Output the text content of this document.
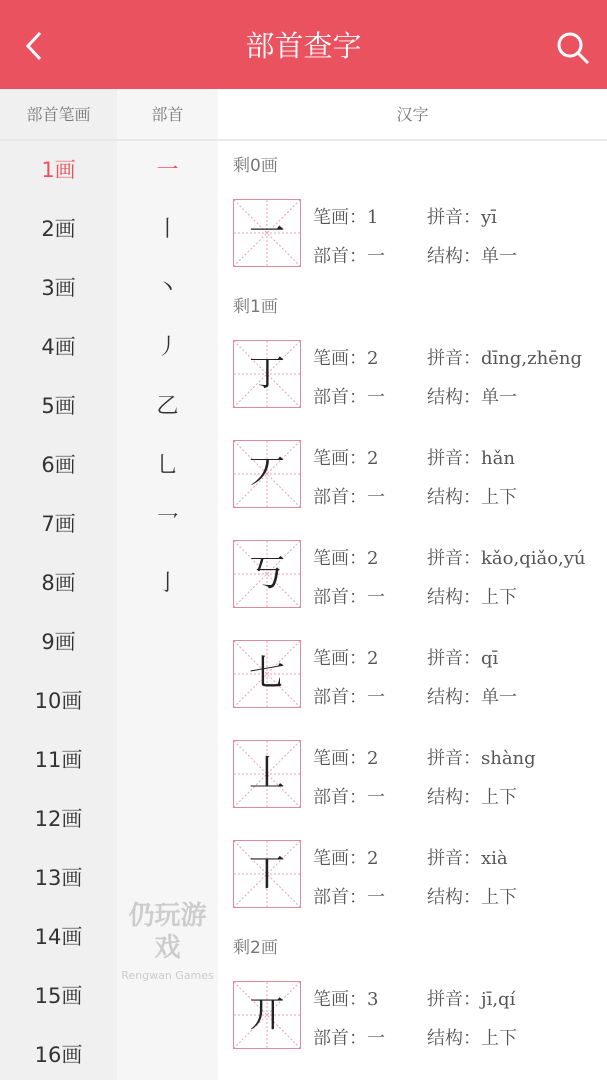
部首查字
部首笔画	部首	汉字
1画
2画
3画
4画
5画
6画
7画
8画
9画
10画
11画
12画
13画
14画
15画
16画
一
丨
丶
丿
乙
乚
乛
亅
剩0画
一	笔画：1	拼音：yī
部首：一 结构：单一
剩1画
丁	笔画：2	拼音：dīng,zhēng
部首：一 结构：单一
丆	笔画：2	拼音：hǎn
部首：一 结构：上下
丂	笔画：2	拼音：kǎo,qiǎo,yú
部首：一 结构：上下
七	笔画：2	拼音：qī
部首：一 结构：单一
丄	笔画：2	拼音：shàng
部首：一 结构：上下
丅	笔画：2	拼音：xià
部首：一 结构：上下
剩2画
丌	笔画：3	拼音：jī,qí
部首：一 结构：上下
仍玩游戏
Rengwan Games
